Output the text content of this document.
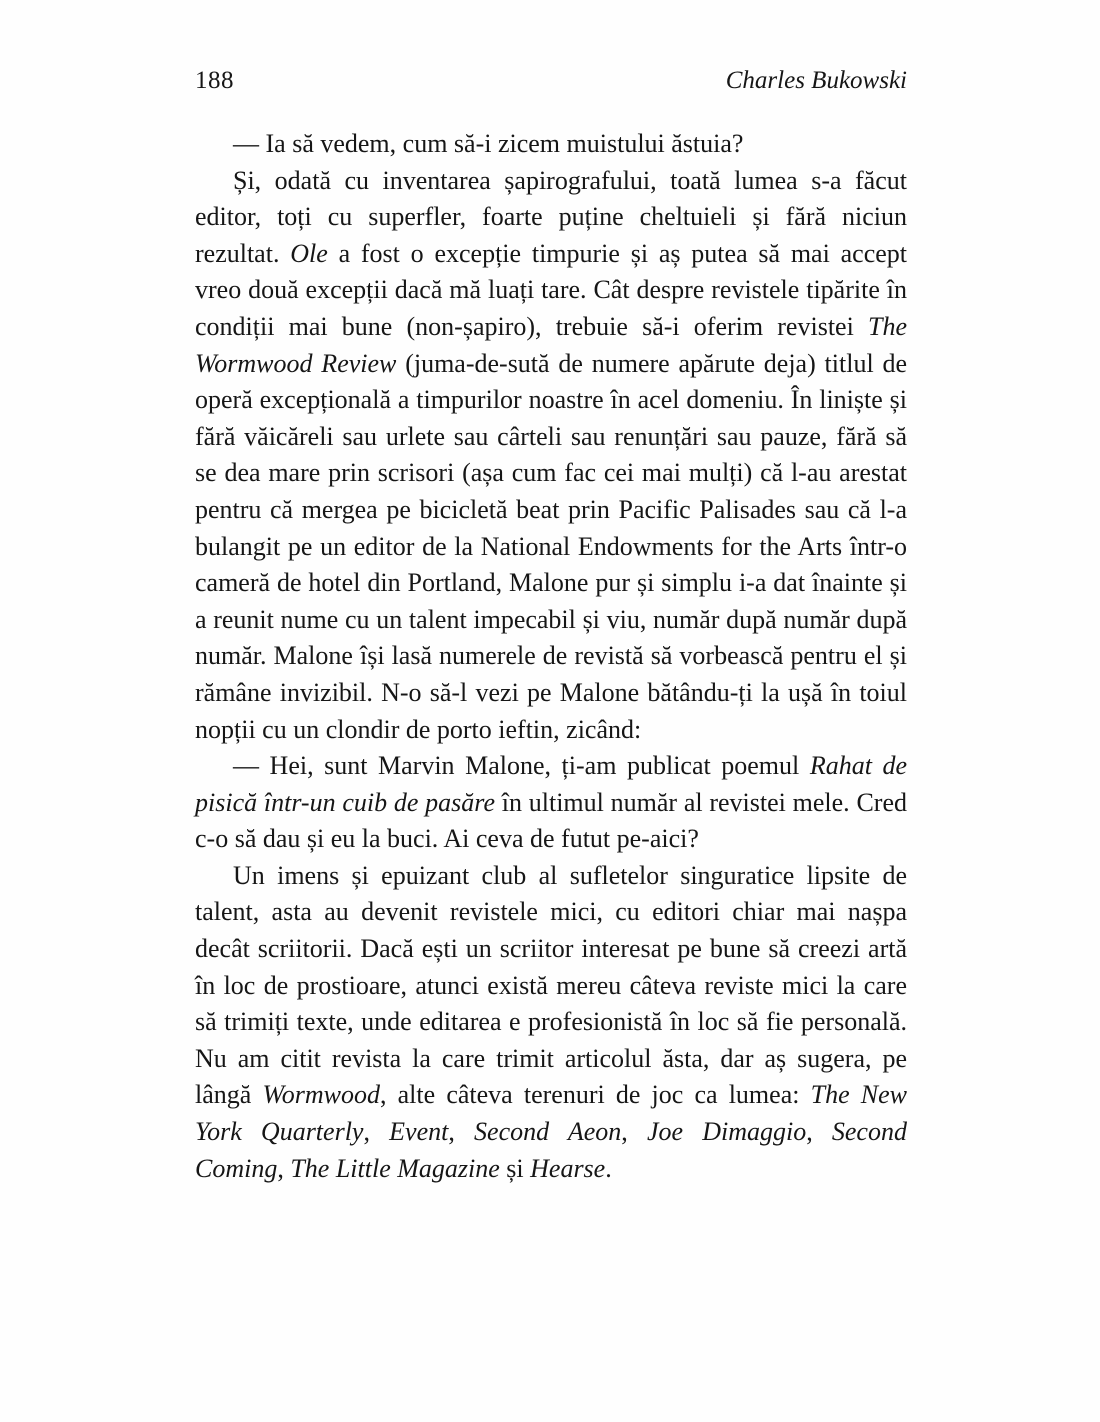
188	Charles Bukowski

— Ia să vedem, cum să-i zicem muistului ăstuia?

Și, odată cu inventarea șapirografului, toată lumea s-a făcut editor, toți cu superfler, foarte puține cheltuieli și fără niciun rezultat. Ole a fost o excepție timpurie și aș putea să mai accept vreo două excepții dacă mă luați tare. Cât despre revistele tipărite în condiții mai bune (non-șapiro), trebuie să-i oferim revistei The Wormwood Review (juma-de-sută de numere apărute deja) titlul de operă excepțională a timpurilor noastre în acel domeniu. În liniște și fără văicăreli sau urlete sau cârteli sau renunțări sau pauze, fără să se dea mare prin scrisori (așa cum fac cei mai mulți) că l-au arestat pentru că mergea pe bicicletă beat prin Pacific Palisades sau că l-a bulangit pe un editor de la National Endowments for the Arts într-o cameră de hotel din Portland, Malone pur și simplu i-a dat înainte și a reunit nume cu un talent impecabil și viu, număr după număr după număr. Malone își lasă numerele de revistă să vorbească pentru el și rămâne invizibil. N-o să-l vezi pe Malone bătându-ți la ușă în toiul nopții cu un clondir de porto ieftin, zicând:

— Hei, sunt Marvin Malone, ți-am publicat poemul Rahat de pisică într-un cuib de pasăre în ultimul număr al revistei mele. Cred c-o să dau și eu la buci. Ai ceva de futut pe-aici?

Un imens și epuizant club al sufletelor singuratice lipsite de talent, asta au devenit revistele mici, cu editori chiar mai nașpa decât scriitorii. Dacă ești un scriitor interesat pe bune să creezi artă în loc de prostioare, atunci există mereu câteva reviste mici la care să trimiți texte, unde editarea e profesionistă în loc să fie personală. Nu am citit revista la care trimit articolul ăsta, dar aș sugera, pe lângă Wormwood, alte câteva terenuri de joc ca lumea: The New York Quarterly, Event, Second Aeon, Joe Dimaggio, Second Coming, The Little Magazine și Hearse.
